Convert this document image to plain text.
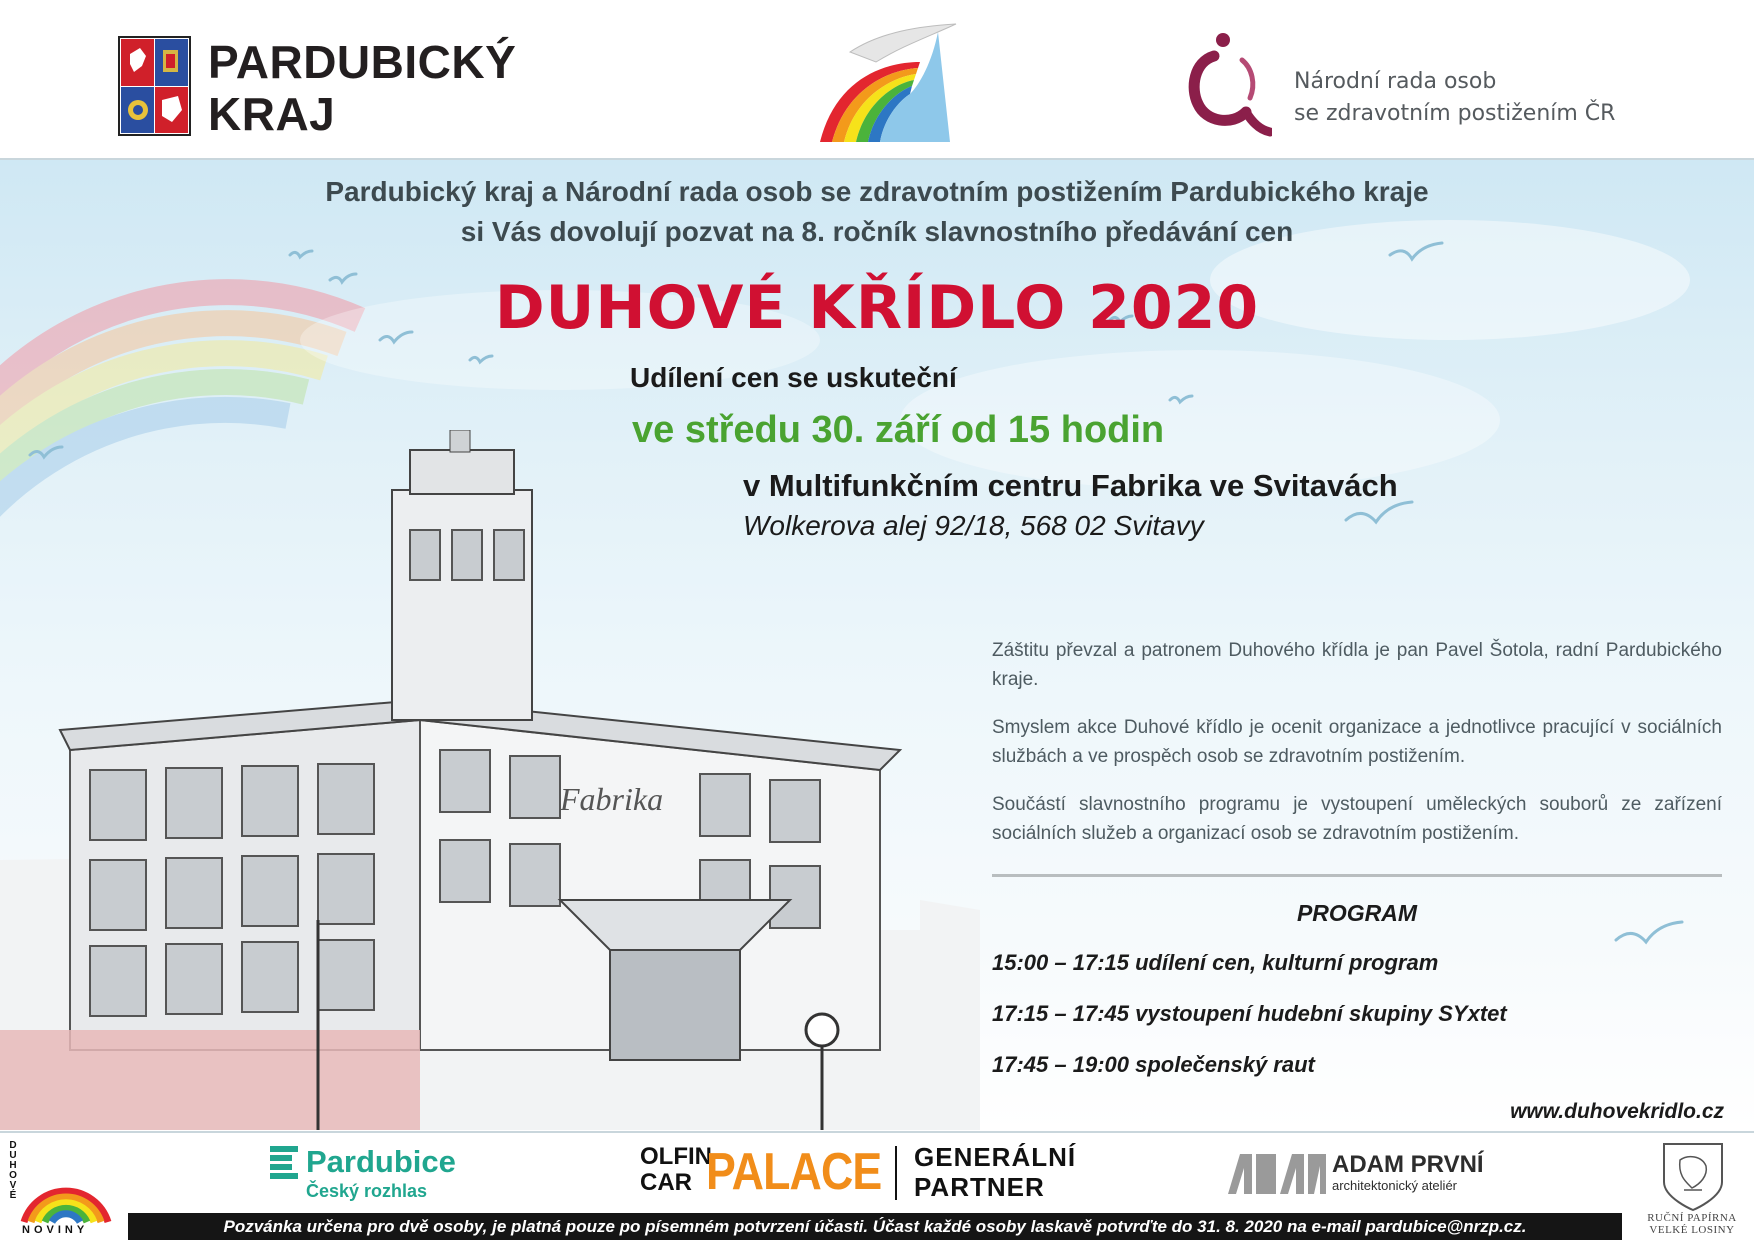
PARDUBICKÝ
KRAJ
Národní rada osob
se zdravotním postižením ČR
Fabrika
Pardubický kraj a Národní rada osob se zdravotním postižením Pardubického kraje
si Vás dovolují pozvat na 8. ročník slavnostního předávání cen
DUHOVÉ KŘÍDLO 2020
Udílení cen se uskuteční
ve středu 30. září od 15 hodin
v Multifunkčním centru Fabrika ve Svitavách
Wolkerova alej 92/18, 568 02 Svitavy

Záštitu převzal a patronem Duhového křídla je pan Pavel Šotola, radní Pardubického kraje.

Smyslem akce Duhové křídlo je ocenit organizace a jednotlivce pracující v sociálních službách a ve prospěch osob se zdravotním postižením.

Součástí slavnostního programu je vystoupení uměleckých souborů ze zařízení sociálních služeb a organizací osob se zdravotním postižením.

PROGRAM
15:00 – 17:15 udílení cen, kulturní program
17:15 – 17:45 vystoupení hudební skupiny SYxtet
17:45 – 19:00 společenský raut
www.duhovekridlo.cz
DUHOVÉ
NOVINY
Pardubice
Český rozhlas
OLFIN CAR PALACE GENERÁLNÍ PARTNER
ADAM PRVNÍ
architektonický ateliér
RUČNÍ PAPÍRNA VELKÉ LOSINY
Pozvánka určena pro dvě osoby, je platná pouze po písemném potvrzení účasti. Účast každé osoby laskavě potvrďte do 31. 8. 2020 na e-mail pardubice@nrzp.cz.
